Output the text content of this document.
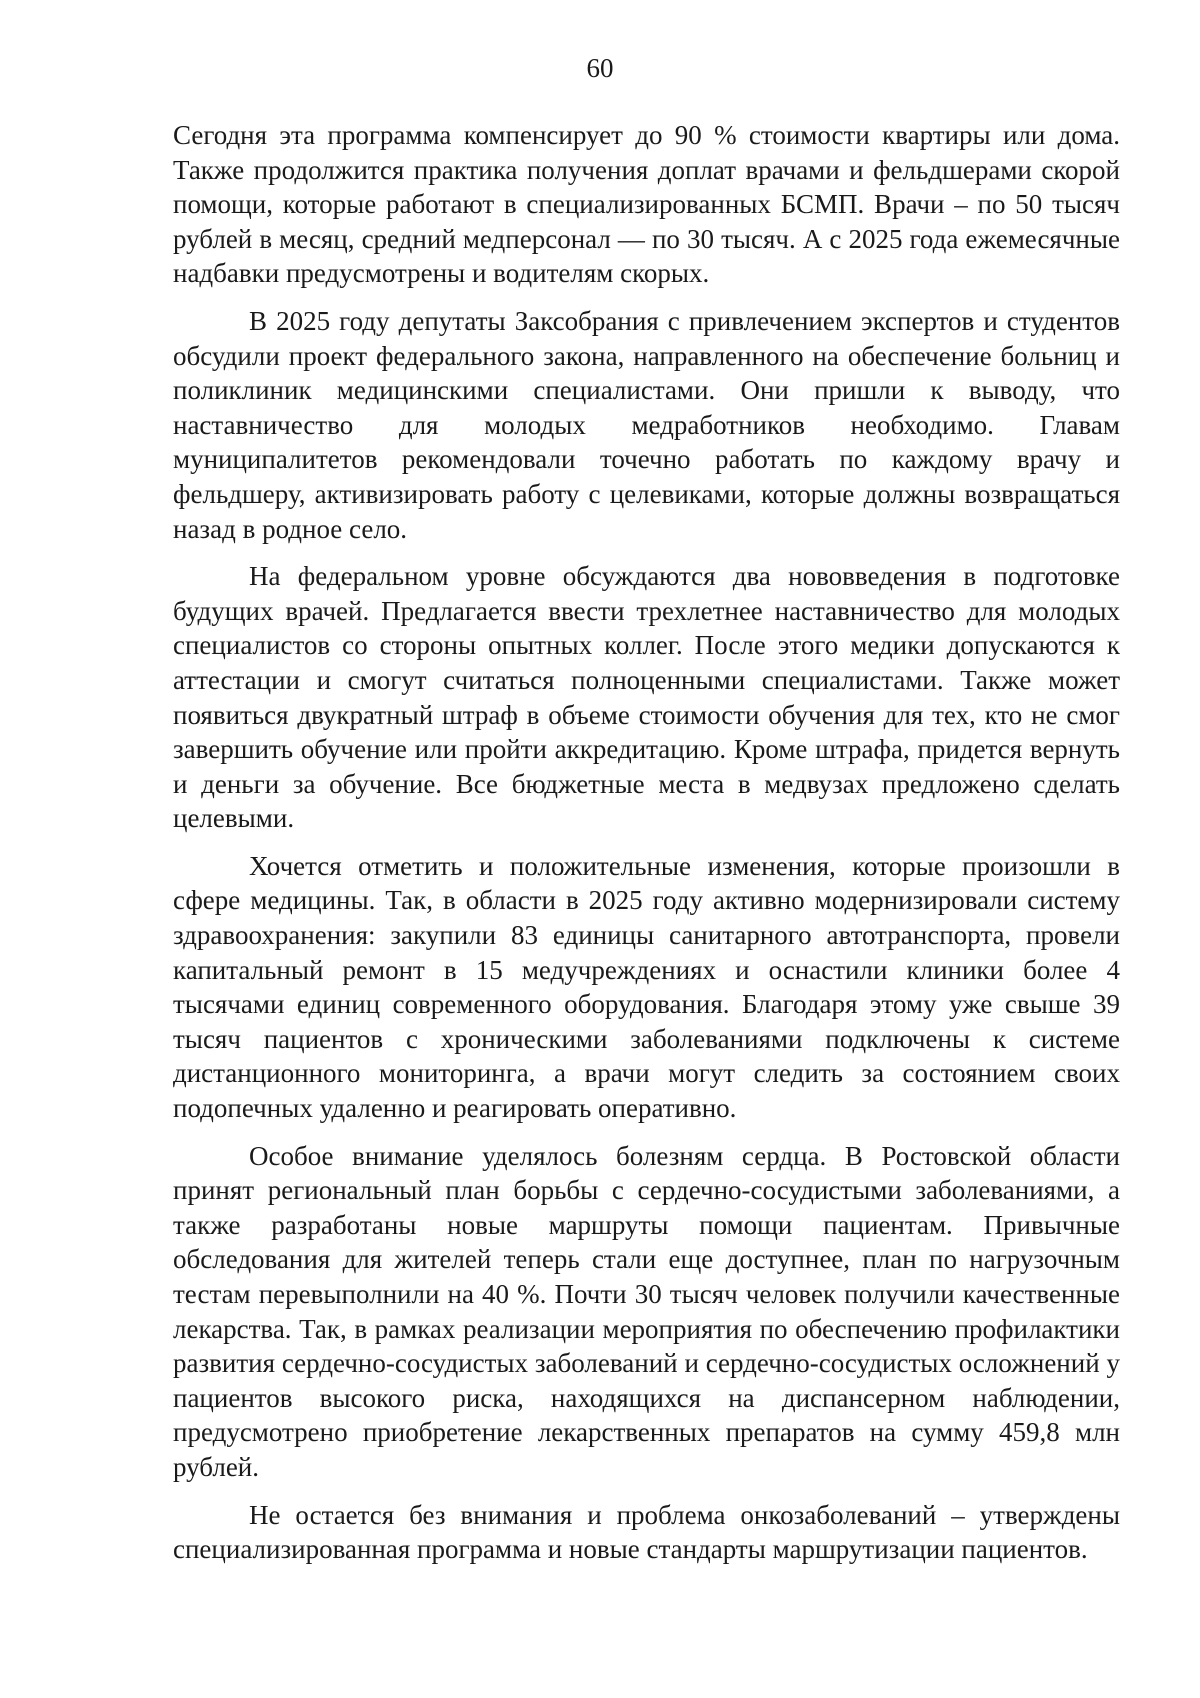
60

Сегодня эта программа компенсирует до 90 % стоимости квартиры или дома. Также продолжится практика получения доплат врачами и фельдшерами скорой помощи, которые работают в специализированных БСМП. Врачи – по 50 тысяч рублей в месяц, средний медперсонал — по 30 тысяч. А с 2025 года ежемесячные надбавки предусмотрены и водителям скорых.

В 2025 году депутаты Заксобрания с привлечением экспертов и студентов обсудили проект федерального закона, направленного на обеспечение больниц и поликлиник медицинскими специалистами. Они пришли к выводу, что наставничество для молодых медработников необходимо. Главам муниципалитетов рекомендовали точечно работать по каждому врачу и фельдшеру, активизировать работу с целевиками, которые должны возвращаться назад в родное село.

На федеральном уровне обсуждаются два нововведения в подготовке будущих врачей. Предлагается ввести трехлетнее наставничество для молодых специалистов со стороны опытных коллег. После этого медики допускаются к аттестации и смогут считаться полноценными специалистами. Также может появиться двукратный штраф в объеме стоимости обучения для тех, кто не смог завершить обучение или пройти аккредитацию. Кроме штрафа, придется вернуть и деньги за обучение. Все бюджетные места в медвузах предложено сделать целевыми.

Хочется отметить и положительные изменения, которые произошли в сфере медицины. Так, в области в 2025 году активно модернизировали систему здравоохранения: закупили 83 единицы санитарного автотранспорта, провели капитальный ремонт в 15 медучреждениях и оснастили клиники более 4 тысячами единиц современного оборудования. Благодаря этому уже свыше 39 тысяч пациентов с хроническими заболеваниями подключены к системе дистанционного мониторинга, а врачи могут следить за состоянием своих подопечных удаленно и реагировать оперативно.

Особое внимание уделялось болезням сердца. В Ростовской области принят региональный план борьбы с сердечно-сосудистыми заболеваниями, а также разработаны новые маршруты помощи пациентам. Привычные обследования для жителей теперь стали еще доступнее, план по нагрузочным тестам перевыполнили на 40 %. Почти 30 тысяч человек получили качественные лекарства. Так, в рамках реализации мероприятия по обеспечению профилактики развития сердечно-сосудистых заболеваний и сердечно-сосудистых осложнений у пациентов высокого риска, находящихся на диспансерном наблюдении, предусмотрено приобретение лекарственных препаратов на сумму 459,8 млн рублей.

Не остается без внимания и проблема онкозаболеваний – утверждены специализированная программа и новые стандарты маршрутизации пациентов.
